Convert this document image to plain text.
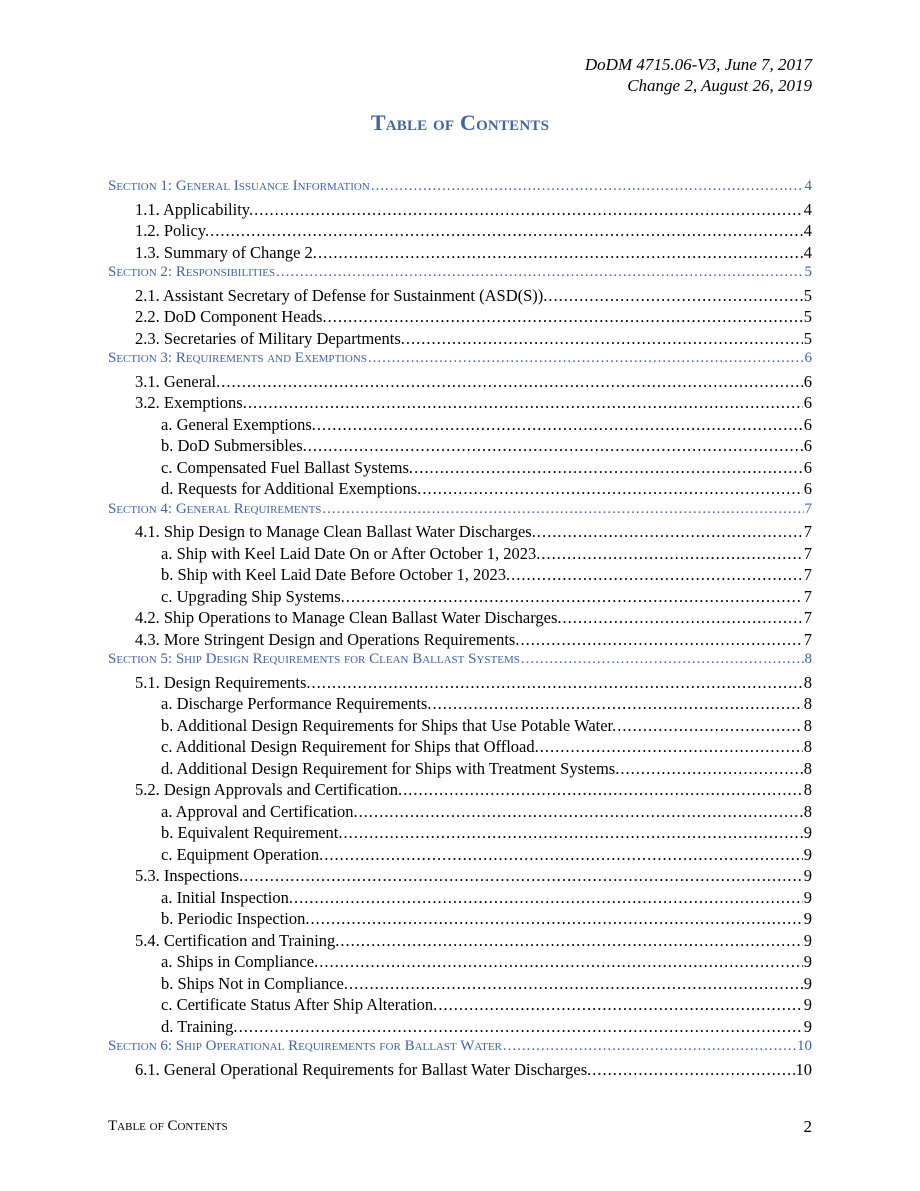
DoDM 4715.06-V3, June 7, 2017
Change 2, August 26, 2019
Table of Contents
Section 1: General Issuance Information .....	4
1.1. Applicability. .....	4
1.2. Policy. .....	4
1.3. Summary of Change 2. .....	4
Section 2: Responsibilities .....	5
2.1. Assistant Secretary of Defense for Sustainment (ASD(S)). .....	5
2.2. DoD Component Heads. .....	5
2.3. Secretaries of Military Departments. .....	5
Section 3: Requirements and Exemptions .....	6
3.1. General. .....	6
3.2. Exemptions. .....	6
a. General Exemptions. .....	6
b. DoD Submersibles. .....	6
c. Compensated Fuel Ballast Systems. .....	6
d. Requests for Additional Exemptions. .....	6
Section 4: General Requirements .....	7
4.1. Ship Design to Manage Clean Ballast Water Discharges. .....	7
a. Ship with Keel Laid Date On or After October 1, 2023. .....	7
b. Ship with Keel Laid Date Before October 1, 2023. .....	7
c. Upgrading Ship Systems. .....	7
4.2. Ship Operations to Manage Clean Ballast Water Discharges. .....	7
4.3. More Stringent Design and Operations Requirements. .....	7
Section 5: Ship Design Requirements for Clean Ballast Systems .....	8
5.1. Design Requirements. .....	8
a. Discharge Performance Requirements. .....	8
b. Additional Design Requirements for Ships that Use Potable Water. .....	8
c. Additional Design Requirement for Ships that Offload. .....	8
d. Additional Design Requirement for Ships with Treatment Systems. .....	8
5.2. Design Approvals and Certification. .....	8
a. Approval and Certification. .....	8
b. Equivalent Requirement. .....	9
c. Equipment Operation. .....	9
5.3. Inspections. .....	9
a. Initial Inspection. .....	9
b. Periodic Inspection. .....	9
5.4. Certification and Training. .....	9
a. Ships in Compliance. .....	9
b. Ships Not in Compliance. .....	9
c. Certificate Status After Ship Alteration. .....	9
d. Training. .....	9
Section 6: Ship Operational Requirements for Ballast Water .....	10
6.1. General Operational Requirements for Ballast Water Discharges. .....	10
Table of Contents	2
